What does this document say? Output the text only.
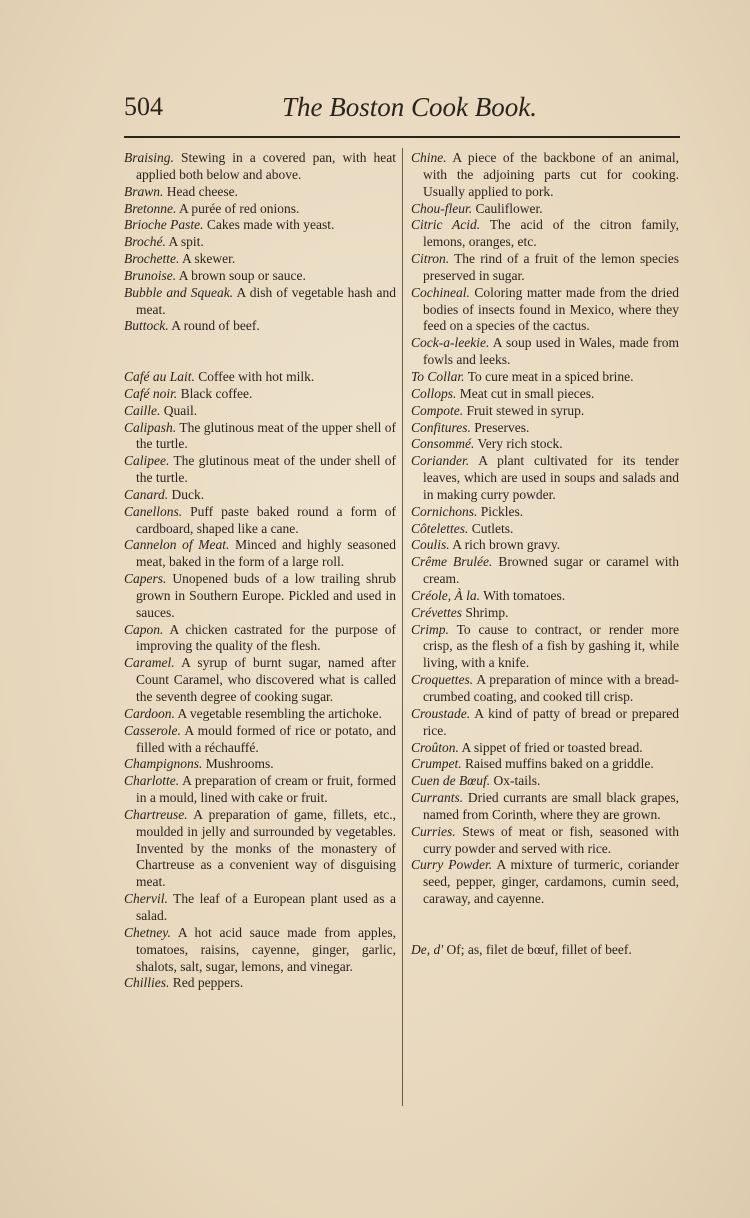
504	The Boston Cook Book.
Braising. Stewing in a covered pan, with heat applied both below and above.
Brawn. Head cheese.
Bretonne. A purée of red onions.
Brioche Paste. Cakes made with yeast.
Broché. A spit.
Brochette. A skewer.
Brunoise. A brown soup or sauce.
Bubble and Squeak. A dish of vegetable hash and meat.
Buttock. A round of beef.
Café au Lait. Coffee with hot milk.
Café noir. Black coffee.
Caille. Quail.
Calipash. The glutinous meat of the upper shell of the turtle.
Calipee. The glutinous meat of the under shell of the turtle.
Canard. Duck.
Canellons. Puff paste baked round a form of cardboard, shaped like a cane.
Cannelon of Meat. Minced and highly seasoned meat, baked in the form of a large roll.
Capers. Unopened buds of a low trailing shrub grown in Southern Europe. Pickled and used in sauces.
Capon. A chicken castrated for the purpose of improving the quality of the flesh.
Caramel. A syrup of burnt sugar, named after Count Caramel, who discovered what is called the seventh degree of cooking sugar.
Cardoon. A vegetable resembling the artichoke.
Casserole. A mould formed of rice or potato, and filled with a réchauffé.
Champignons. Mushrooms.
Charlotte. A preparation of cream or fruit, formed in a mould, lined with cake or fruit.
Chartreuse. A preparation of game, fillets, etc., moulded in jelly and surrounded by vegetables. Invented by the monks of the monastery of Chartreuse as a convenient way of disguising meat.
Chervil. The leaf of a European plant used as a salad.
Chetney. A hot acid sauce made from apples, tomatoes, raisins, cayenne, ginger, garlic, shalots, salt, sugar, lemons, and vinegar.
Chillies. Red peppers.
Chine. A piece of the backbone of an animal, with the adjoining parts cut for cooking. Usually applied to pork.
Chou-fleur. Cauliflower.
Citric Acid. The acid of the citron family, lemons, oranges, etc.
Citron. The rind of a fruit of the lemon species preserved in sugar.
Cochineal. Coloring matter made from the dried bodies of insects found in Mexico, where they feed on a species of the cactus.
Cock-a-leekie. A soup used in Wales, made from fowls and leeks.
To Collar. To cure meat in a spiced brine.
Collops. Meat cut in small pieces.
Compote. Fruit stewed in syrup.
Confitures. Preserves.
Consommé. Very rich stock.
Coriander. A plant cultivated for its tender leaves, which are used in soups and salads and in making curry powder.
Cornichons. Pickles.
Côtelettes. Cutlets.
Coulis. A rich brown gravy.
Crême Brulée. Browned sugar or caramel with cream.
Créole, À la. With tomatoes.
Crévettes Shrimp.
Crimp. To cause to contract, or render more crisp, as the flesh of a fish by gashing it, while living, with a knife.
Croquettes. A preparation of mince with a bread-crumbed coating, and cooked till crisp.
Croustade. A kind of patty of bread or prepared rice.
Croûton. A sippet of fried or toasted bread.
Crumpet. Raised muffins baked on a griddle.
Cuen de Bœuf. Ox-tails.
Currants. Dried currants are small black grapes, named from Corinth, where they are grown.
Curries. Stews of meat or fish, seasoned with curry powder and served with rice.
Curry Powder. A mixture of turmeric, coriander seed, pepper, ginger, cardamons, cumin seed, caraway, and cayenne.
De, d' Of; as, filet de bœuf, fillet of beef.
